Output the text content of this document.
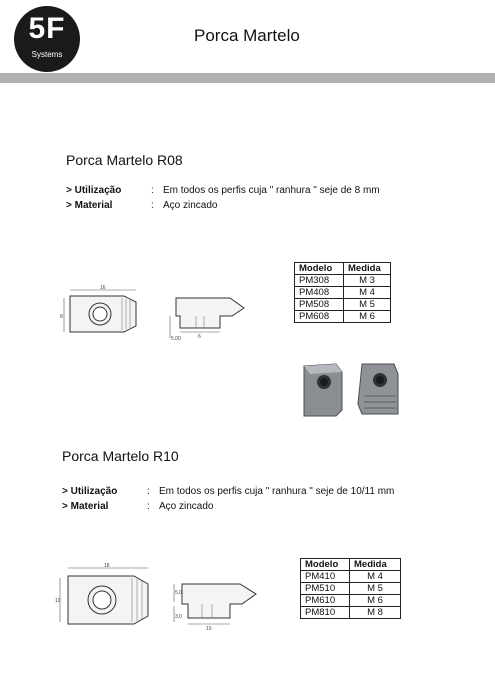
5F
Systems
Porca Martelo
Porca Martelo R08
> Utilização	: Em todos os perfis cuja " ranhura " seje de 8 mm
> Material	: Aço zincado
Modelo	Medida
PM308	M 3
PM408	M 4
PM508	M 5
PM608	M 6
16
8
5,00	6
Porca Martelo R10
> Utilização	: Em todos os perfis cuja " ranhura " seje de 10/11 mm
> Material	: Aço zincado
Modelo	Medida
PM410	M 4
PM510	M 5
PM610	M 6
PM810	M 8
18
10
5,0
3,0
10
